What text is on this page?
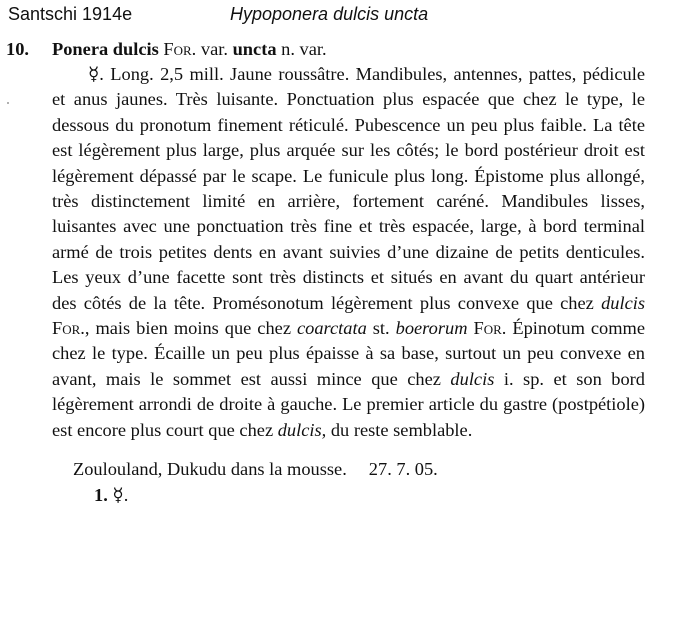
Santschi 1914e	Hypoponera dulcis uncta
10. Ponera dulcis For. var. uncta n. var.

☿. Long. 2,5 mill. Jaune roussâtre. Mandibules, antennes, pattes, pédicule et anus jaunes. Très luisante. Ponctuation plus espacée que chez le type, le dessous du pronotum finement réticulé. Pubescence un peu plus faible. La tête est légèrement plus large, plus arquée sur les côtés; le bord postérieur droit est légèrement dépassé par le scape. Le funicule plus long. Épistome plus allongé, très distinctement limité en arrière, fortement caréné. Mandibules lisses, luisantes avec une ponctuation très fine et très espacée, large, à bord terminal armé de trois petites dents en avant suivies d’une dizaine de petits denticules. Les yeux d’une facette sont très distincts et situés en avant du quart antérieur des côtés de la tête. Promésonotum légèrement plus convexe que chez dulcis For., mais bien moins que chez coarctata st. boerorum For. Épinotum comme chez le type. Écaille un peu plus épaisse à sa base, surtout un peu convexe en avant, mais le sommet est aussi mince que chez dulcis i. sp. et son bord légèrement arrondi de droite à gauche. Le premier article du gastre (postpétiole) est encore plus court que chez dulcis, du reste semblable.

Zoulouland, Dukudu dans la mousse. 27. 7. 05.

1. ☿.
